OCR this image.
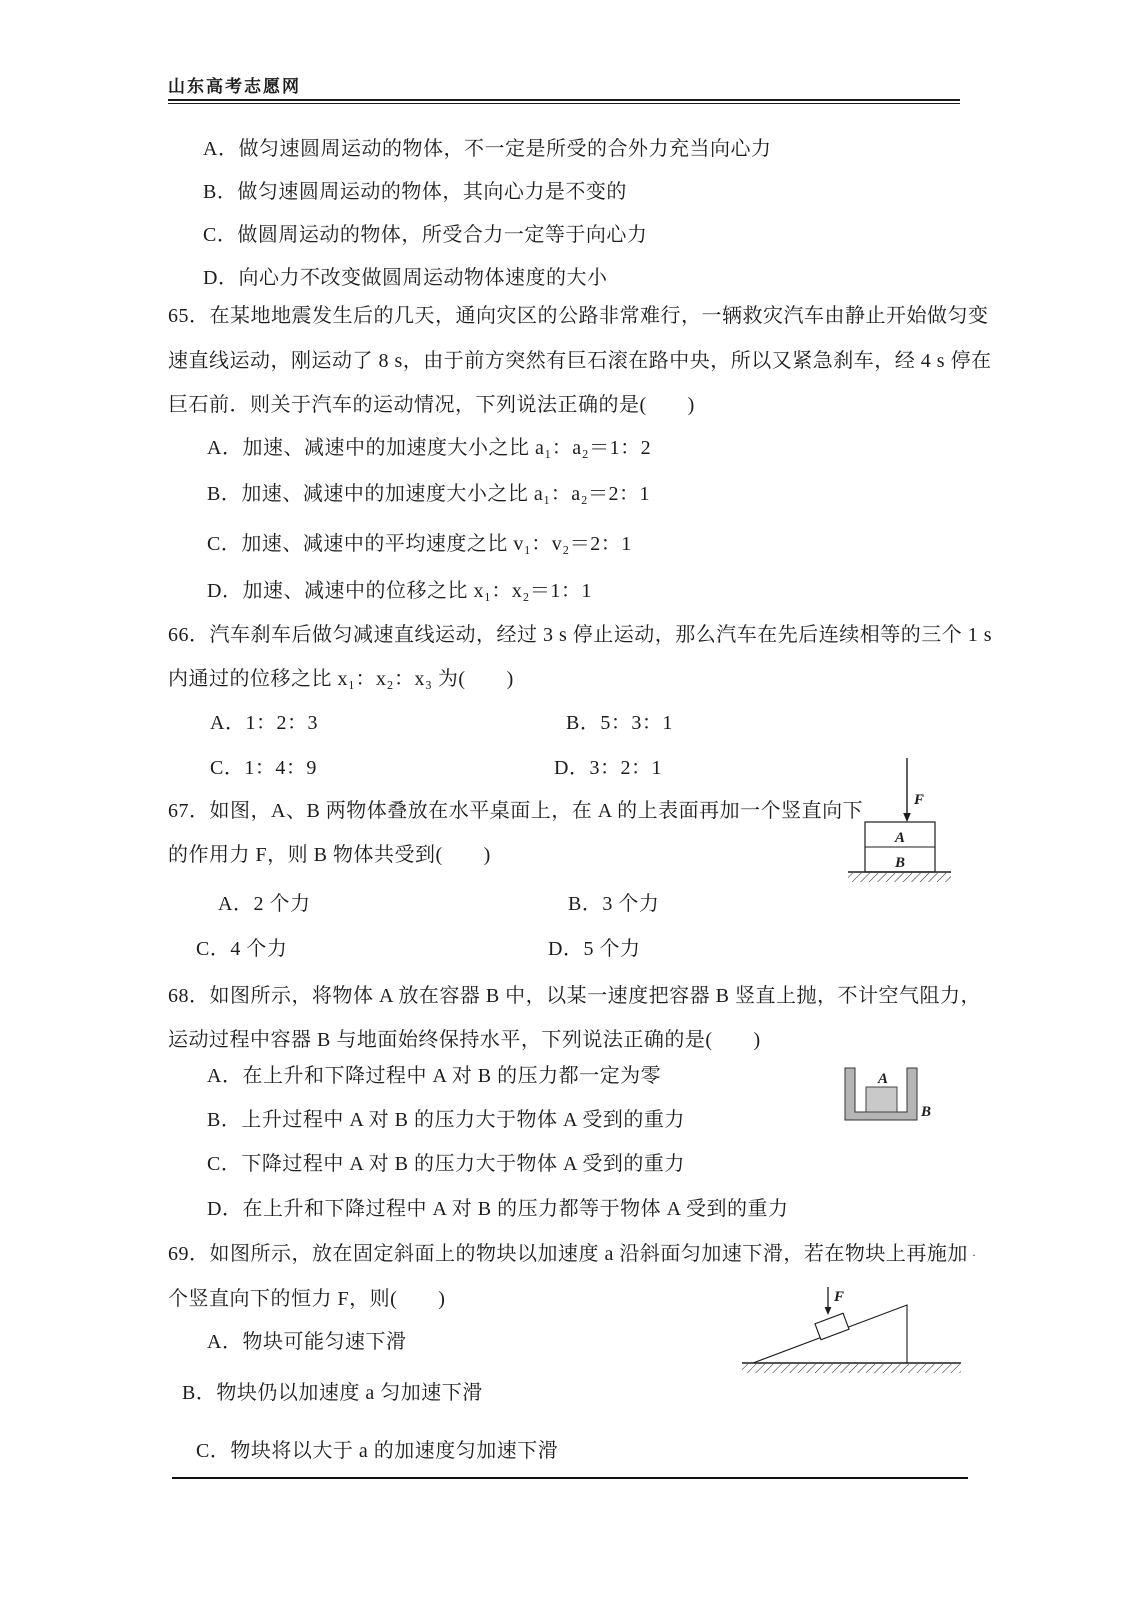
山东高考志愿网
A．做匀速圆周运动的物体，不一定是所受的合外力充当向心力
B．做匀速圆周运动的物体，其向心力是不变的
C．做圆周运动的物体，所受合力一定等于向心力
D．向心力不改变做圆周运动物体速度的大小
65．在某地地震发生后的几天，通向灾区的公路非常难行，一辆救灾汽车由静止开始做匀变
速直线运动，刚运动了 8 s，由于前方突然有巨石滚在路中央，所以又紧急刹车，经 4 s 停在
巨石前．则关于汽车的运动情况，下列说法正确的是(　　)
A．加速、减速中的加速度大小之比 a₁：a₂＝1：2
B．加速、减速中的加速度大小之比 a₁：a₂＝2：1
C．加速、减速中的平均速度之比 v₁：v₂＝2：1
D．加速、减速中的位移之比 x₁：x₂＝1：1
66．汽车刹车后做匀减速直线运动，经过 3 s 停止运动，那么汽车在先后连续相等的三个 1 s
内通过的位移之比 x₁：x₂：x₃ 为(　　)
A．1：2：3	B．5：3：1
C．1：4：9	D．3：2：1
67．如图，A、B 两物体叠放在水平桌面上，在 A 的上表面再加一个竖直向下
的作用力 F，则 B 物体共受到(　　)
A．2 个力	B．3 个力
C．4 个力	D．5 个力
F
A
B
68．如图所示，将物体 A 放在容器 B 中，以某一速度把容器 B 竖直上抛，不计空气阻力，
运动过程中容器 B 与地面始终保持水平，下列说法正确的是(　　)
A．在上升和下降过程中 A 对 B 的压力都一定为零
B．上升过程中 A 对 B 的压力大于物体 A 受到的重力
C．下降过程中 A 对 B 的压力大于物体 A 受到的重力
D．在上升和下降过程中 A 对 B 的压力都等于物体 A 受到的重力
A
B
69．如图所示，放在固定斜面上的物块以加速度 a 沿斜面匀加速下滑，若在物块上再施加 ·
个竖直向下的恒力 F，则(　　)
A．物块可能匀速下滑
B．物块仍以加速度 a 匀加速下滑
C．物块将以大于 a 的加速度匀加速下滑
F
